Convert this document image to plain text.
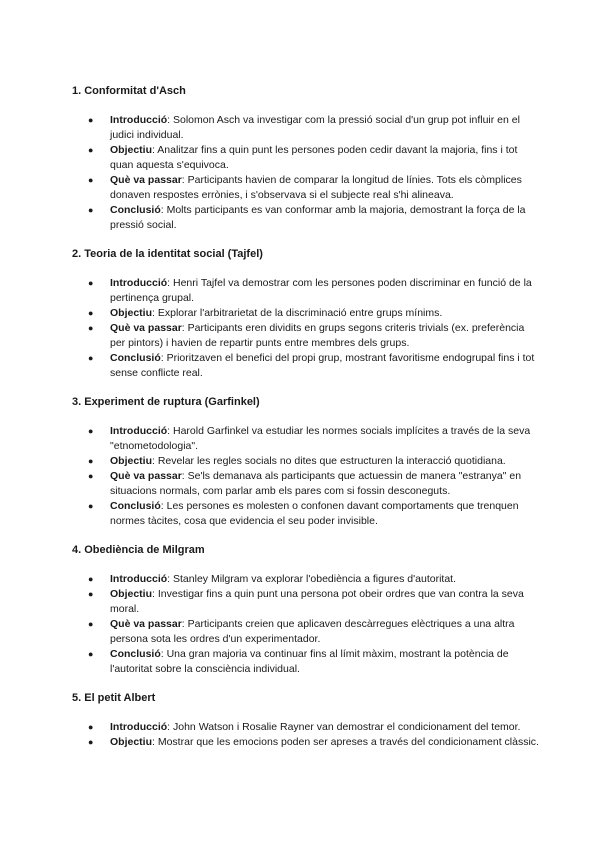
1. Conformitat d'Asch
● Introducció: Solomon Asch va investigar com la pressió social d'un grup pot influir en el judici individual.
● Objectiu: Analitzar fins a quin punt les persones poden cedir davant la majoria, fins i tot quan aquesta s'equivoca.
● Què va passar: Participants havien de comparar la longitud de línies. Tots els còmplices donaven respostes errònies, i s'observava si el subjecte real s'hi alineava.
● Conclusió: Molts participants es van conformar amb la majoria, demostrant la força de la pressió social.
2. Teoria de la identitat social (Tajfel)
● Introducció: Henri Tajfel va demostrar com les persones poden discriminar en funció de la pertinença grupal.
● Objectiu: Explorar l'arbitrarietat de la discriminació entre grups mínims.
● Què va passar: Participants eren dividits en grups segons criteris trivials (ex. preferència per pintors) i havien de repartir punts entre membres dels grups.
● Conclusió: Prioritzaven el benefici del propi grup, mostrant favoritisme endogrupal fins i tot sense conflicte real.
3. Experiment de ruptura (Garfinkel)
● Introducció: Harold Garfinkel va estudiar les normes socials implícites a través de la seva "etnometodologia".
● Objectiu: Revelar les regles socials no dites que estructuren la interacció quotidiana.
● Què va passar: Se'ls demanava als participants que actuessin de manera "estranya" en situacions normals, com parlar amb els pares com si fossin desconeguts.
● Conclusió: Les persones es molesten o confonen davant comportaments que trenquen normes tàcites, cosa que evidencia el seu poder invisible.
4. Obediència de Milgram
● Introducció: Stanley Milgram va explorar l'obediència a figures d'autoritat.
● Objectiu: Investigar fins a quin punt una persona pot obeir ordres que van contra la seva moral.
● Què va passar: Participants creien que aplicaven descàrregues elèctriques a una altra persona sota les ordres d'un experimentador.
● Conclusió: Una gran majoria va continuar fins al límit màxim, mostrant la potència de l'autoritat sobre la consciència individual.
5. El petit Albert
● Introducció: John Watson i Rosalie Rayner van demostrar el condicionament del temor.
● Objectiu: Mostrar que les emocions poden ser apreses a través del condicionament clàssic.
